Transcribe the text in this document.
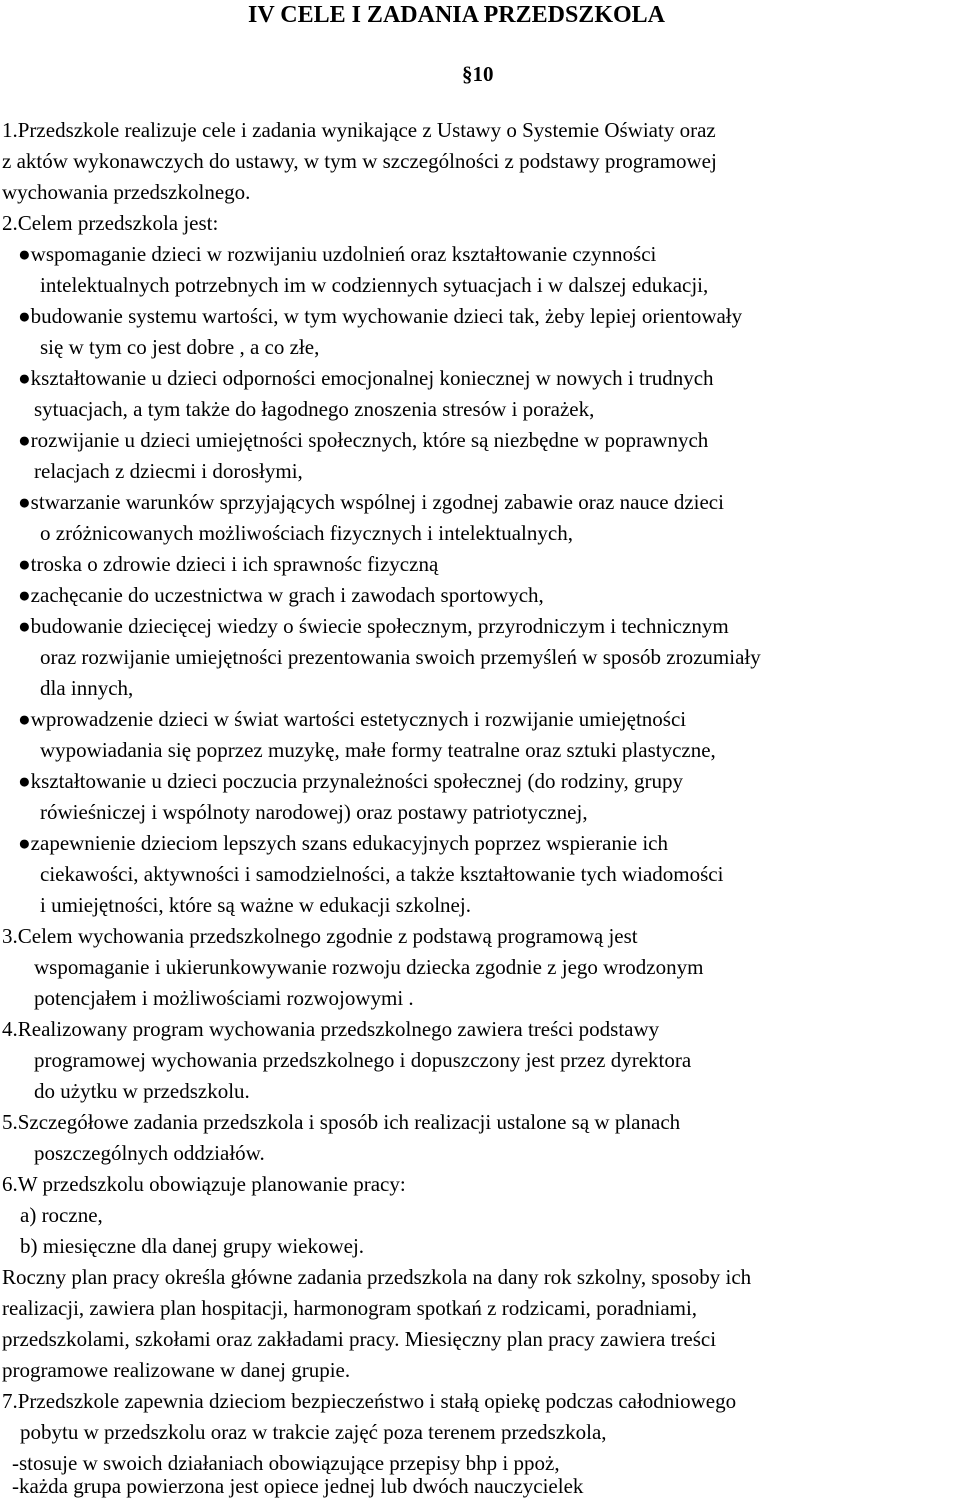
IV CELE I ZADANIA PRZEDSZKOLA
§10
1.Przedszkole realizuje cele i zadania wynikające z Ustawy o Systemie Oświaty oraz
z aktów wykonawczych do ustawy, w tym w szczególności z podstawy programowej
wychowania przedszkolnego.
2.Celem przedszkola jest:
●wspomaganie dzieci w rozwijaniu uzdolnień oraz kształtowanie czynności
intelektualnych potrzebnych im w codziennych sytuacjach i w dalszej edukacji,
●budowanie systemu wartości, w tym wychowanie dzieci tak, żeby lepiej orientowały
się w tym co jest dobre , a co złe,
●kształtowanie u dzieci odporności emocjonalnej koniecznej w nowych i trudnych
sytuacjach, a tym także do łagodnego znoszenia stresów i porażek,
●rozwijanie u dzieci umiejętności społecznych, które są niezbędne w poprawnych
relacjach z dziecmi i dorosłymi,
●stwarzanie warunków sprzyjających wspólnej i zgodnej zabawie oraz nauce dzieci
o zróżnicowanych możliwościach fizycznych i intelektualnych,
●troska o zdrowie dzieci i ich sprawnośc fizyczną
●zachęcanie do uczestnictwa w grach i zawodach sportowych,
●budowanie dziecięcej wiedzy o świecie społecznym, przyrodniczym i technicznym
oraz rozwijanie umiejętności prezentowania swoich przemyśleń w sposób zrozumiały
dla innych,
●wprowadzenie dzieci w świat wartości estetycznych i rozwijanie umiejętności
wypowiadania się poprzez muzykę, małe formy teatralne oraz sztuki plastyczne,
●kształtowanie u dzieci poczucia przynależności społecznej (do rodziny, grupy
rówieśniczej i wspólnoty narodowej) oraz postawy patriotycznej,
●zapewnienie dzieciom lepszych szans edukacyjnych poprzez wspieranie ich
ciekawości, aktywności i samodzielności, a także kształtowanie tych wiadomości
i umiejętności, które są ważne w edukacji szkolnej.
3.Celem wychowania przedszkolnego zgodnie z podstawą programową jest
wspomaganie i ukierunkowywanie rozwoju dziecka zgodnie z jego wrodzonym
potencjałem i możliwościami rozwojowymi .
4.Realizowany program wychowania przedszkolnego zawiera treści podstawy
programowej wychowania przedszkolnego i dopuszczony jest przez dyrektora
do użytku w przedszkolu.
5.Szczegółowe zadania przedszkola i sposób ich realizacji ustalone są w planach
poszczególnych oddziałów.
6.W przedszkolu obowiązuje planowanie pracy:
a) roczne,
b) miesięczne dla danej grupy wiekowej.
Roczny plan pracy określa główne zadania przedszkola na dany rok szkolny, sposoby ich
realizacji, zawiera plan hospitacji, harmonogram spotkań z rodzicami, poradniami,
przedszkolami, szkołami oraz zakładami pracy. Miesięczny plan pracy zawiera treści
programowe realizowane w danej grupie.
7.Przedszkole zapewnia dzieciom bezpieczeństwo i stałą opiekę podczas całodniowego
pobytu w przedszkolu oraz w trakcie zajęć poza terenem przedszkola,
-stosuje w swoich działaniach obowiązujące przepisy bhp i ppoż,
-każda grupa powierzona jest opiece jednej lub dwóch nauczycielek
